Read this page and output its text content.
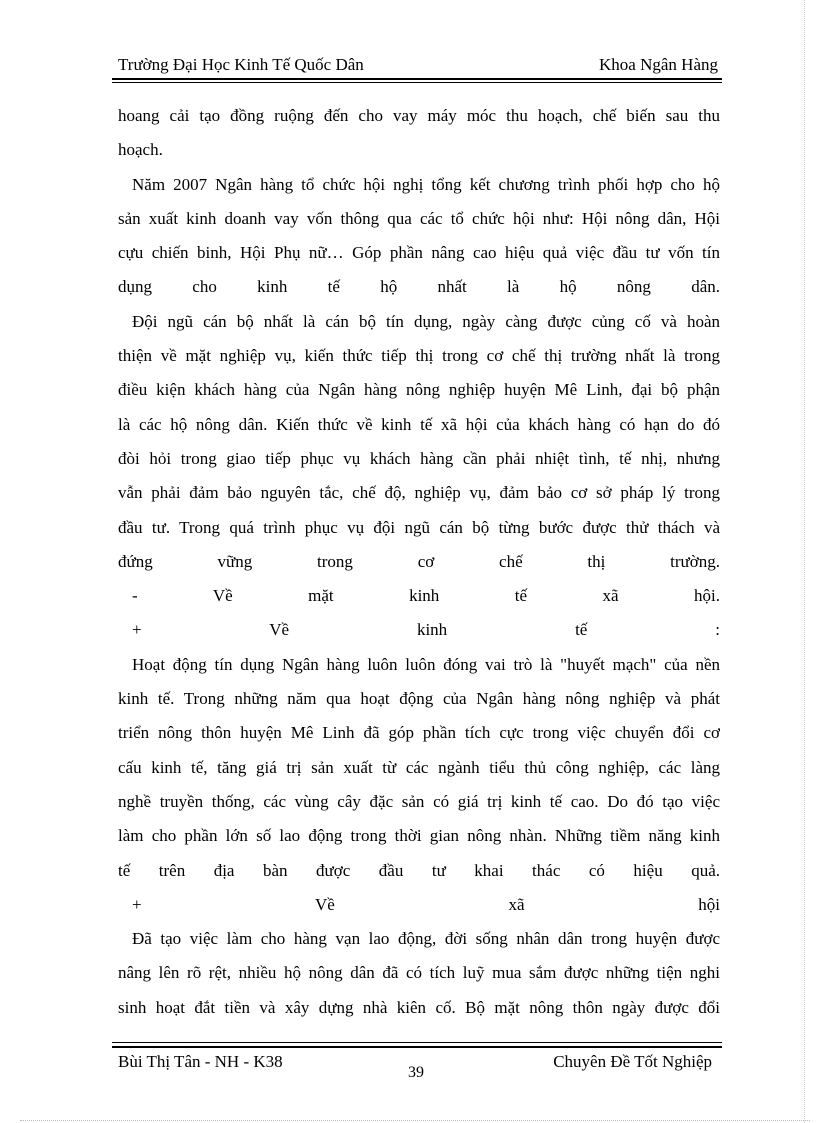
Trường Đại Học Kinh Tế Quốc Dân	Khoa Ngân Hàng
hoang cải tạo đồng ruộng đến cho vay máy móc thu hoạch, chế biến sau thu
hoạch.
Năm 2007 Ngân hàng tổ chức hội nghị tổng kết chương trình phối hợp cho hộ
sản xuất kinh doanh vay vốn thông qua các tổ chức hội như: Hội nông dân, Hội
cựu chiến binh, Hội Phụ nữ… Góp phần nâng cao hiệu quả việc đầu tư vốn tín
dụng cho kinh tế hộ nhất là hộ nông dân.
Đội ngũ cán bộ nhất là cán bộ tín dụng, ngày càng được củng cố và hoàn
thiện về mặt nghiệp vụ, kiến thức tiếp thị trong cơ chế thị trường nhất là trong
điều kiện khách hàng của Ngân hàng nông nghiệp huyện Mê Linh, đại bộ phận
là các hộ nông dân. Kiến thức về kinh tế xã hội của khách hàng có hạn do đó
đòi hỏi trong giao tiếp phục vụ khách hàng cần phải nhiệt tình, tế nhị, nhưng
vẫn phải đảm bảo nguyên tắc, chế độ, nghiệp vụ, đảm bảo cơ sở pháp lý trong
đầu tư. Trong quá trình phục vụ đội ngũ cán bộ từng bước được thử thách và
đứng vững trong cơ chế thị trường.
- Về mặt kinh tế xã hội.
+ Về kinh tế :
Hoạt động tín dụng Ngân hàng luôn luôn đóng vai trò là "huyết mạch" của nền
kinh tế. Trong những năm qua hoạt động của Ngân hàng nông nghiệp và phát
triển nông thôn huyện Mê Linh đã góp phần tích cực trong việc chuyển đổi cơ
cấu kinh tế, tăng giá trị sản xuất từ các ngành tiểu thủ công nghiệp, các làng
nghề truyền thống, các vùng cây đặc sản có giá trị kinh tế cao. Do đó tạo việc
làm cho phần lớn số lao động trong thời gian nông nhàn. Những tiềm năng kinh
tế trên địa bàn được đầu tư khai thác có hiệu quả.
+ Về xã hội
Đã tạo việc làm cho hàng vạn lao động, đời sống nhân dân trong huyện được
nâng lên rõ rệt, nhiều hộ nông dân đã có tích luỹ mua sắm được những tiện nghi
sinh hoạt đắt tiền và xây dựng nhà kiên cố. Bộ mặt nông thôn ngày được đổi
Bùi Thị Tân - NH - K38
39
Chuyên Đề Tốt Nghiệp
